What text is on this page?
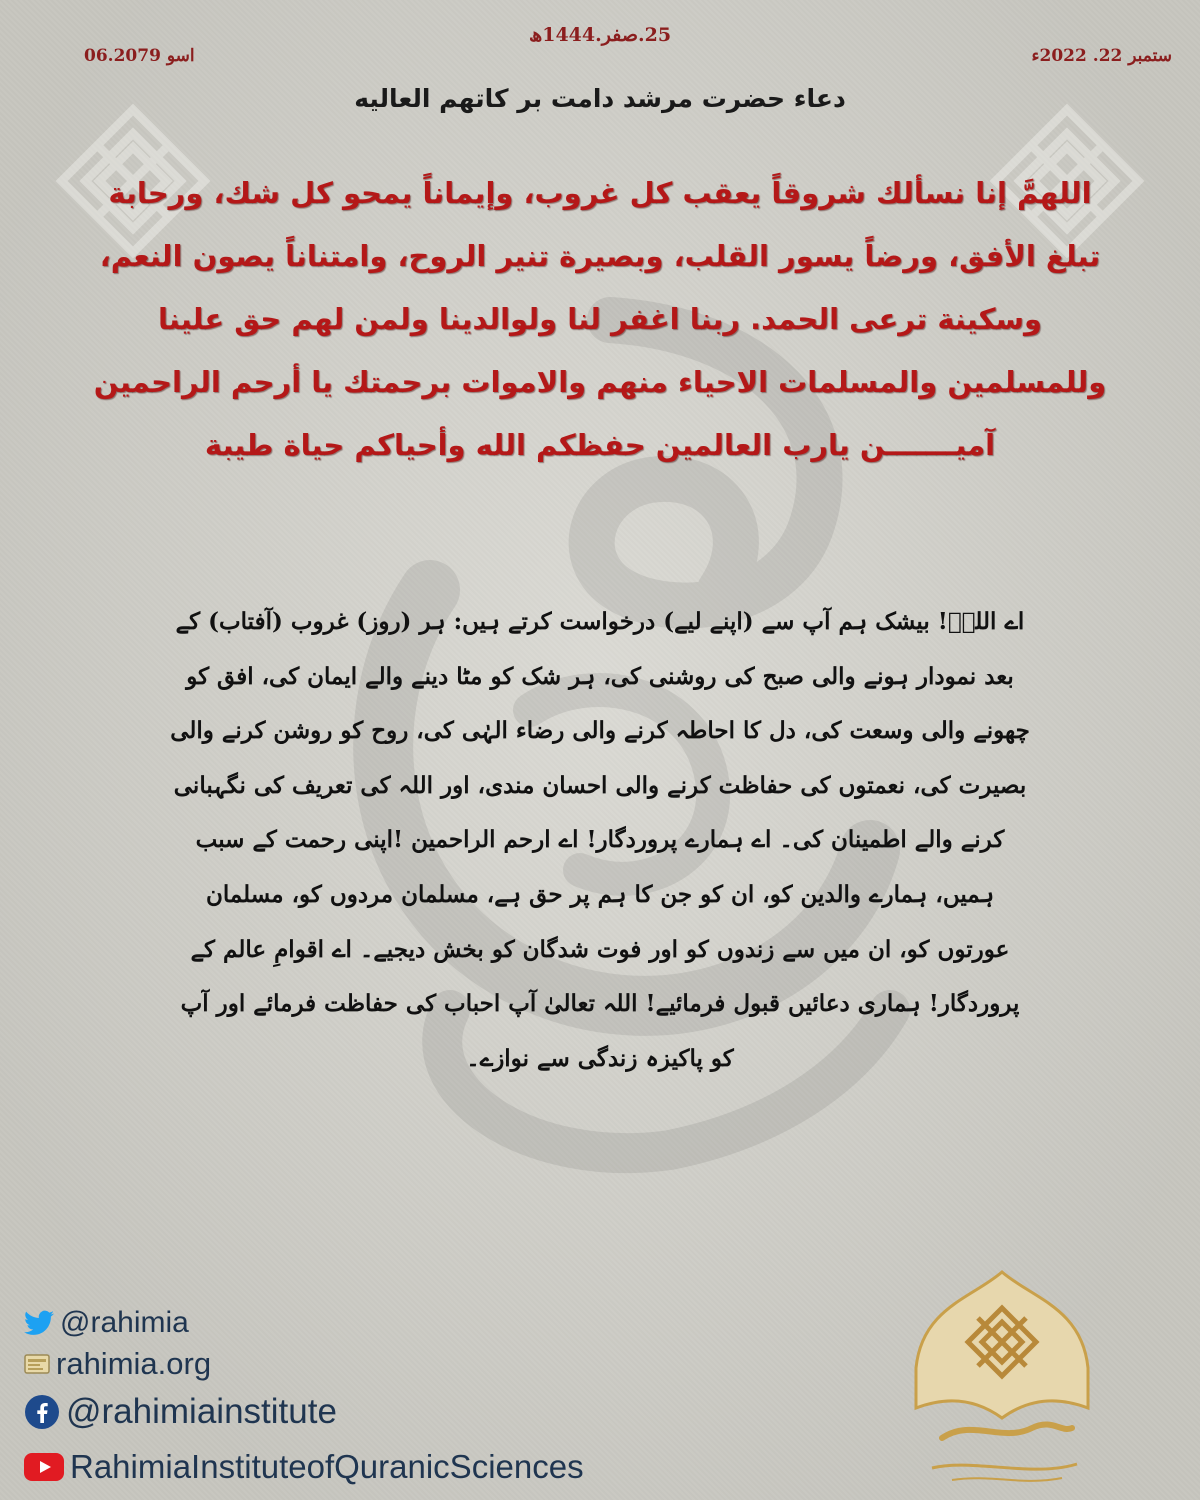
06.اسو 2079
25.صفر.1444ھ
ستمبر 22. 2022ء
دعاء حضرت مرشد دامت بر کاتهم العالیه
اللهمَّ إنا نسألك شروقاً يعقب كل غروب، وإيماناً يمحو كل شك، ورحابة تبلغ الأفق، ورضاً يسور القلب، وبصيرة تنير الروح، وامتناناً يصون النعم، وسكينة ترعى الحمد. ربنا اغفر لنا ولوالدينا ولمن لهم حق علينا وللمسلمين والمسلمات الاحياء منهم والاموات برحمتك يا أرحم الراحمين آميـــــــن يارب العالمين حفظكم الله وأحياكم حياة طيبة
اے اللہؐ! بیشک ہم آپ سے (اپنے لیے) درخواست کرتے ہیں: ہر (روز) غروب (آفتاب) کے بعد نمودار ہونے والی صبح کی روشنی کی، ہر شک کو مٹا دینے والے ایمان کی، افق کو چھونے والی وسعت کی، دل کا احاطہ کرنے والی رضاء الہٰی کی، روح کو روشن کرنے والی بصیرت کی، نعمتوں کی حفاظت کرنے والی احسان مندی، اور اللہ کی تعریف کی نگہبانی کرنے والے اطمینان کی۔ اے ہمارے پروردگار! اے ارحم الراحمین !اپنی رحمت کے سبب ہمیں، ہمارے والدین کو، ان کو جن کا ہم پر حق ہے، مسلمان مردوں کو، مسلمان عورتوں کو، ان میں سے زندوں کو اور فوت شدگان کو بخش دیجیے۔ اے اقوامِ عالم کے پروردگار! ہماری دعائیں قبول فرمائیے! اللہ تعالیٰ آپ احباب کی حفاظت فرمائے اور آپ کو پاکیزہ زندگی سے نوازے۔
@rahimia
rahimia.org
@rahimiainstitute
RahimiaInstituteofQuranicSciences
